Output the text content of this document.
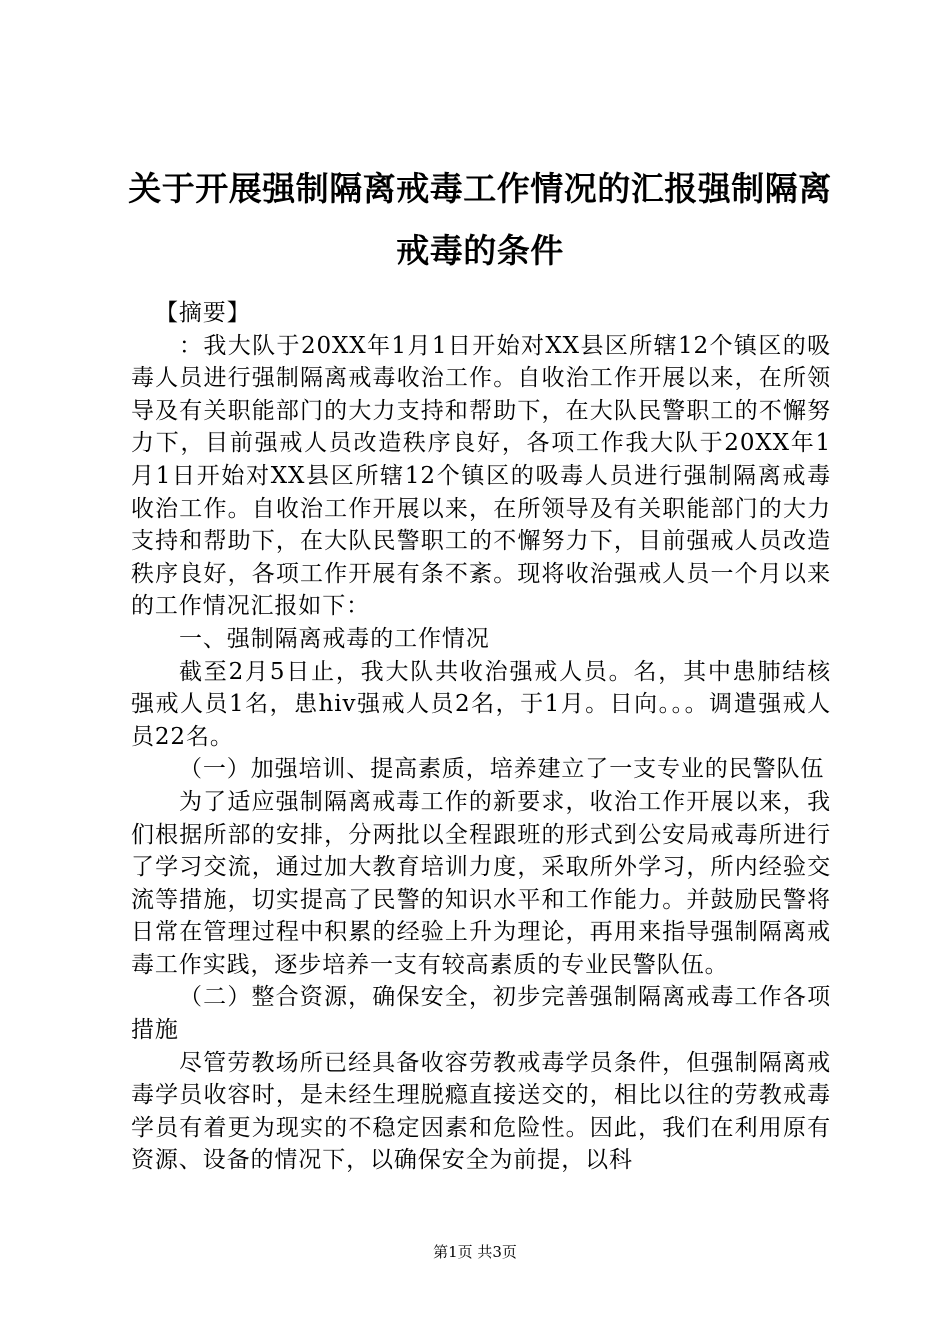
关于开展强制隔离戒毒工作情况的汇报强制隔离戒毒的条件

【摘要】

：我大队于20XX年1月1日开始对XX县区所辖12个镇区的吸毒人员进行强制隔离戒毒收治工作。自收治工作开展以来，在所领导及有关职能部门的大力支持和帮助下，在大队民警职工的不懈努力下，目前强戒人员改造秩序良好，各项工作我大队于20XX年1月1日开始对XX县区所辖12个镇区的吸毒人员进行强制隔离戒毒收治工作。自收治工作开展以来，在所领导及有关职能部门的大力支持和帮助下，在大队民警职工的不懈努力下，目前强戒人员改造秩序良好，各项工作开展有条不紊。现将收治强戒人员一个月以来的工作情况汇报如下：

一、强制隔离戒毒的工作情况

截至2月5日止，我大队共收治强戒人员。名，其中患肺结核强戒人员1名，患hiv强戒人员2名，于1月。日向。。。调遣强戒人员22名。

（一）加强培训、提高素质，培养建立了一支专业的民警队伍

为了适应强制隔离戒毒工作的新要求，收治工作开展以来，我们根据所部的安排，分两批以全程跟班的形式到公安局戒毒所进行了学习交流，通过加大教育培训力度，采取所外学习，所内经验交流等措施，切实提高了民警的知识水平和工作能力。并鼓励民警将日常在管理过程中积累的经验上升为理论，再用来指导强制隔离戒毒工作实践，逐步培养一支有较高素质的专业民警队伍。

（二）整合资源，确保安全，初步完善强制隔离戒毒工作各项措施

尽管劳教场所已经具备收容劳教戒毒学员条件，但强制隔离戒毒学员收容时，是未经生理脱瘾直接送交的，相比以往的劳教戒毒学员有着更为现实的不稳定因素和危险性。因此，我们在利用原有资源、设备的情况下，以确保安全为前提，以科

第1页 共3页
